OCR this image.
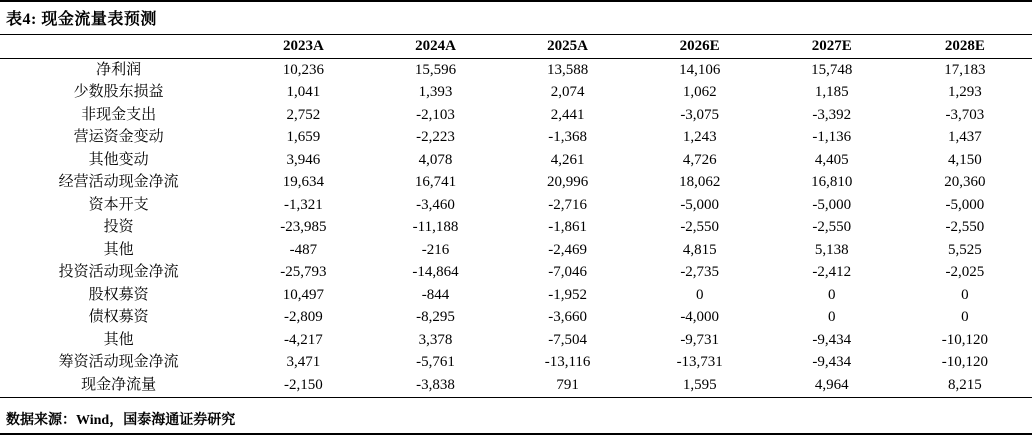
表4: 现金流量表预测
	2023A	2024A	2025A	2026E	2027E	2028E
净利润	10,236	15,596	13,588	14,106	15,748	17,183
少数股东损益	1,041	1,393	2,074	1,062	1,185	1,293
非现金支出	2,752	-2,103	2,441	-3,075	-3,392	-3,703
营运资金变动	1,659	-2,223	-1,368	1,243	-1,136	1,437
其他变动	3,946	4,078	4,261	4,726	4,405	4,150
经营活动现金净流	19,634	16,741	20,996	18,062	16,810	20,360
资本开支	-1,321	-3,460	-2,716	-5,000	-5,000	-5,000
投资	-23,985	-11,188	-1,861	-2,550	-2,550	-2,550
其他	-487	-216	-2,469	4,815	5,138	5,525
投资活动现金净流	-25,793	-14,864	-7,046	-2,735	-2,412	-2,025
股权募资	10,497	-844	-1,952	0	0	0
债权募资	-2,809	-8,295	-3,660	-4,000	0	0
其他	-4,217	3,378	-7,504	-9,731	-9,434	-10,120
筹资活动现金净流	3,471	-5,761	-13,116	-13,731	-9,434	-10,120
现金净流量	-2,150	-3,838	791	1,595	4,964	8,215
数据来源：Wind，国泰海通证券研究
